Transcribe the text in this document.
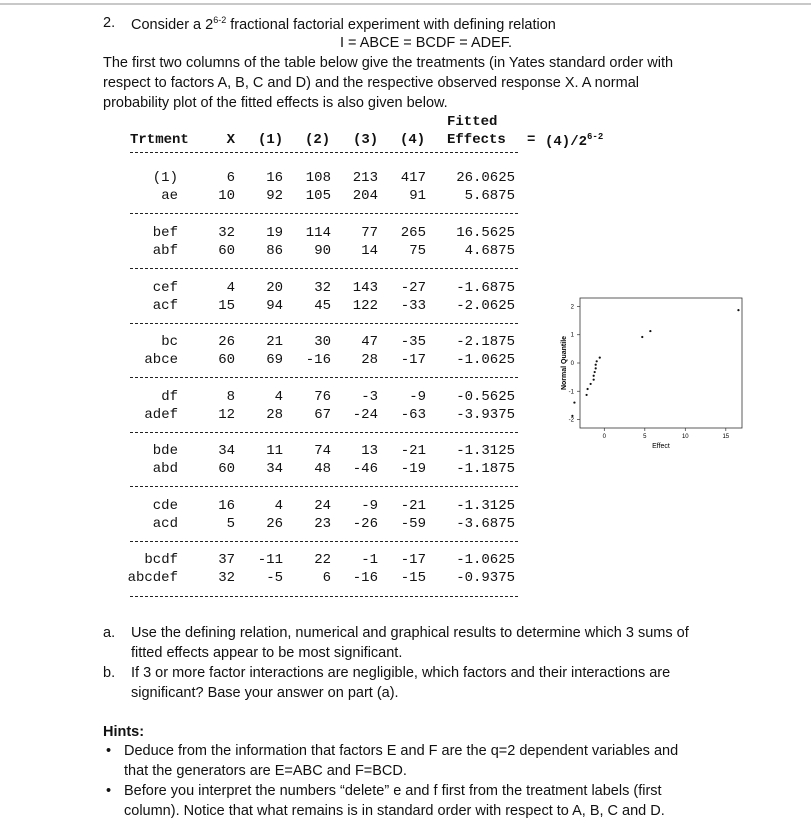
2. Consider a 2$^{6-2}$ fractional factorial experiment with defining relation
I = ABCE = BCDF = ADEF.
The first two columns of the table below give the treatments (in Yates standard order with
respect to factors A, B, C and D) and the respective observed response X. A normal
probability plot of the fitted effects is also given below.
Fitted
Trtment	X (1) (2) (3) (4) Effects = $(4)/2^{6-2}$
(1)	6	16	108	213	417	26.0625
ae	10	92	105	204	91	5.6875
bef	32	19	114	77	265	16.5625
abf	60	86	90	14	75	4.6875
cef	4	20	32	143	-27	-1.6875
acf	15	94	45	122	-33	-2.0625
bc	26	21	30	47	-35	-2.1875
abce	60	69	-16	28	-17	-1.0625
df	8	4	76	-3	-9	-0.5625
adef	12	28	67	-24	-63	-3.9375
bde	34	11	74	13	-21	-1.3125
abd	60	34	48	-46	-19	-1.1875
cde	16	4	24	-9	-21	-1.3125
acd	5	26	23	-26	-59	-3.6875
bcdf	37	-11	22	-1	-17	-1.0625
abcdef	32	-5	6	-16	-15	-0.9375
0	5	10	15
2
1
0
-1
-2
Effect
Normal Quantile
a. Use the defining relation, numerical and graphical results to determine which 3 sums of
fitted effects appear to be most significant.
b. If 3 or more factor interactions are negligible, which factors and their interactions are
significant? Base your answer on part (a).
Hints:
• Deduce from the information that factors E and F are the q=2 dependent variables and
that the generators are E=ABC and F=BCD.
• Before you interpret the numbers “delete” e and f first from the treatment labels (first
column). Notice that what remains is in standard order with respect to A, B, C and D.
